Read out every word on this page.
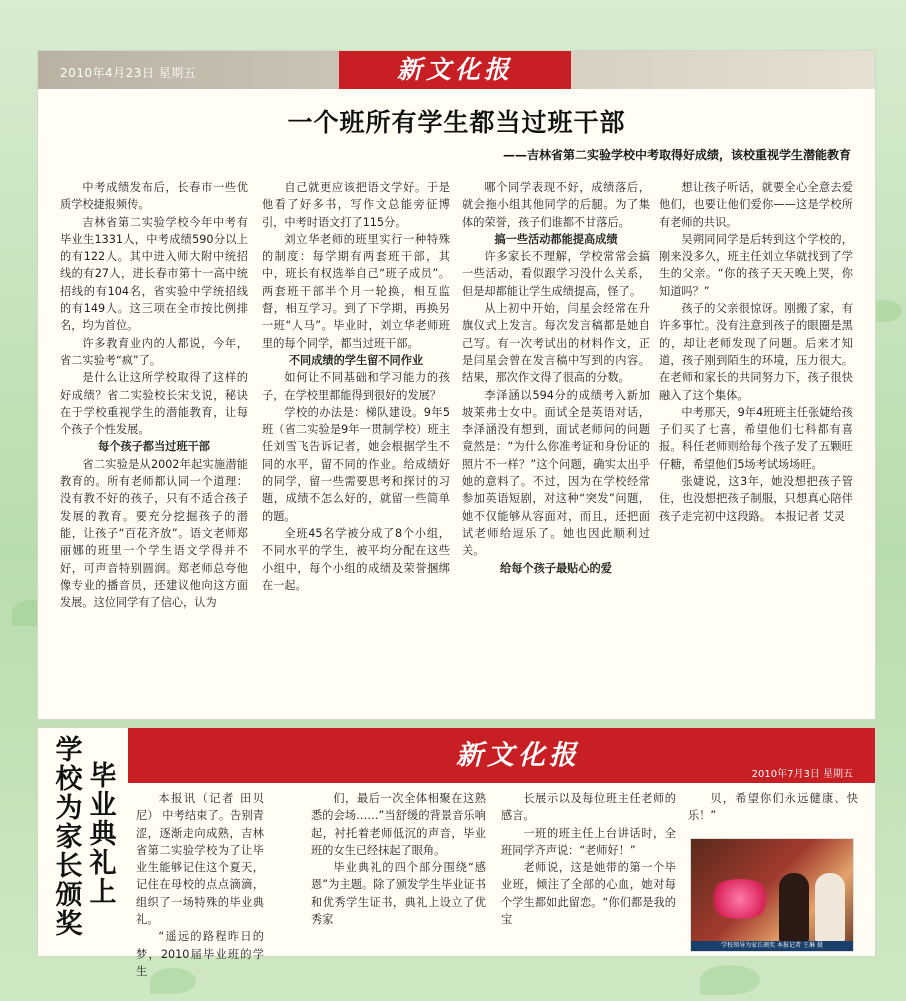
2010年4月23日 星期五	新文化报
一个班所有学生都当过班干部
——吉林省第二实验学校中考取得好成绩，该校重视学生潜能教育

中考成绩发布后，长春市一些优质学校捷报频传。

吉林省第二实验学校今年中考有毕业生1331人，中考成绩590分以上的有122人。其中进入师大附中统招线的有27人，进长春市第十一高中统招线的有104名，省实验中学统招线的有149人。这三项在全市按比例排名，均为首位。

许多教育业内的人都说，今年，省二实验考“疯”了。

是什么让这所学校取得了这样的好成绩？省二实验校长宋戈说，秘诀在于学校重视学生的潜能教育，让每个孩子个性发展。

每个孩子都当过班干部

省二实验是从2002年起实施潜能教育的。所有老师都认同一个道理：没有教不好的孩子，只有不适合孩子发展的教育。要充分挖掘孩子的潜能，让孩子“百花齐放”。语文老师郑丽娜的班里一个学生语文学得并不好，可声音特别圆润。郑老师总夸他像专业的播音员，还建议他向这方面发展。这位同学有了信心，认为

自己就更应该把语文学好。于是他看了好多书，写作文总能旁征博引，中考时语文打了115分。

刘立华老师的班里实行一种特殊的制度：每学期有两套班干部，其中，班长有权选举自己“班子成员”。两套班干部半个月一轮换，相互监督，相互学习。到了下学期，再换另一班“人马”。毕业时，刘立华老师班里的每个同学，都当过班干部。

不同成绩的学生留不同作业

如何让不同基础和学习能力的孩子，在学校里都能得到很好的发展？

学校的办法是：梯队建设。9年5班（省二实验是9年一贯制学校）班主任刘雪飞告诉记者，她会根据学生不同的水平，留不同的作业。给成绩好的同学，留一些需要思考和探讨的习题，成绩不怎么好的，就留一些简单的题。

全班45名学被分成了8个小组，不同水平的学生，被平均分配在这些小组中，每个小组的成绩及荣誉捆绑在一起。

哪个同学表现不好，成绩落后，就会拖小组其他同学的后腿。为了集体的荣誉，孩子们谁都不甘落后。

搞一些活动都能提高成绩

许多家长不理解，学校常常会搞一些活动，看似跟学习没什么关系，但是却都能让学生成绩提高，怪了。

从上初中开始，闫星会经常在升旗仪式上发言。每次发言稿都是她自己写。有一次考试出的材料作文，正是闫星会曾在发言稿中写到的内容。结果，那次作文得了很高的分数。

李泽涵以594分的成绩考入新加坡莱弗士女中。面试全是英语对话，李泽涵没有想到，面试老师问的问题竟然是：“为什么你准考证和身份证的照片不一样？”这个问题，确实太出乎她的意料了。不过，因为在学校经常参加英语短剧，对这种“突发”问题，她不仅能够从容面对，而且，还把面试老师给逗乐了。她也因此顺利过关。

给每个孩子最贴心的爱

想让孩子听话，就要全心全意去爱他们，也要让他们爱你——这是学校所有老师的共识。

吴朔同同学是后转到这个学校的，刚来没多久，班主任刘立华就找到了学生的父亲。“你的孩子天天晚上哭，你知道吗？”

孩子的父亲很惊讶。刚搬了家，有许多事忙。没有注意到孩子的眼圈是黑的，却让老师发现了问题。后来才知道，孩子刚到陌生的环境，压力很大。在老师和家长的共同努力下，孩子很快融入了这个集体。

中考那天，9年4班班主任张婕给孩子们买了七喜，希望他们七科都有喜报。科任老师则给每个孩子发了五颗旺仔糖，希望他们5场考试场场旺。

张婕说，这3年，她没想把孩子管住，也没想把孩子制服，只想真心陪伴孩子走完初中这段路。 本报记者 艾灵

新文化报
2010年7月3日 星期五
毕业典礼上
学校为家长颁奖

本报讯（记者 田贝尼） 中考结束了。告别青涩，逐渐走向成熟，吉林省第二实验学校为了让毕业生能够记住这个夏天，记住在母校的点点滴滴，组织了一场特殊的毕业典礼。

“遥远的路程昨日的梦，2010届毕业班的学生

们，最后一次全体相聚在这熟悉的会场……”当舒缓的背景音乐响起，衬托着老师低沉的声音，毕业班的女生已经抹起了眼角。

毕业典礼的四个部分围绕“感恩”为主题。除了颁发学生毕业证书和优秀学生证书，典礼上设立了优秀家

长展示以及每位班主任老师的感言。

一班的班主任上台讲话时，全班同学齐声说：“老师好！”

老师说，这是她带的第一个毕业班，倾注了全部的心血，她对每个学生都如此留恋。“你们都是我的宝

贝，希望你们永远健康、快乐！”

学校领导为家长颁奖 本报记者 王琳 摄
